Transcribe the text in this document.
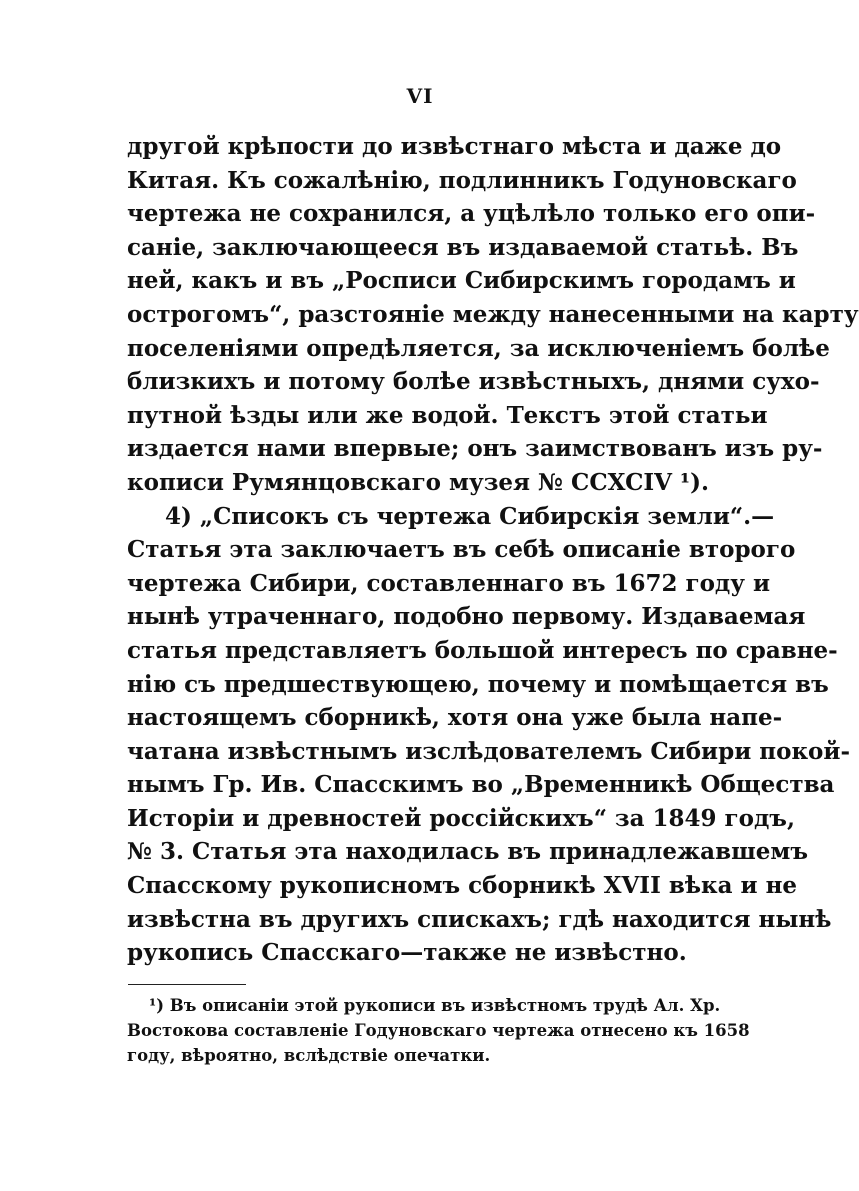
VI
другой крѣпости до извѣстнаго мѣста и даже до
Китая. Къ сожалѣнію, подлинникъ Годуновскаго
чертежа не сохранился, а уцѣлѣло только его опи-
саніе, заключающееся въ издаваемой статьѣ. Въ
ней, какъ и въ „Росписи Сибирскимъ городамъ и
острогомъ“, разстояніе между нанесенными на карту
поселеніями опредѣляется, за исключеніемъ болѣе
близкихъ и потому болѣе извѣстныхъ, днями сухо-
путной ѣзды или же водой. Текстъ этой статьи
издается нами впервые; онъ заимствованъ изъ ру-
кописи Румянцовскаго музея № CCXCIV ¹).
4) „Списокъ съ чертежа Сибирскія земли“.—
Статья эта заключаетъ въ себѣ описаніе второго
чертежа Сибири, составленнаго въ 1672 году и
нынѣ утраченнаго, подобно первому. Издаваемая
статья представляетъ большой интересъ по сравне-
нію съ предшествующею, почему и помѣщается въ
настоящемъ сборникѣ, хотя она уже была напе-
чатана извѣстнымъ изслѣдователемъ Сибири покой-
нымъ Гр. Ив. Спасскимъ во „Временникѣ Общества
Исторіи и древностей россійскихъ“ за 1849 годъ,
№ 3. Статья эта находилась въ принадлежавшемъ
Спасскому рукописномъ сборникѣ XVII вѣка и не
извѣстна въ другихъ спискахъ; гдѣ находится нынѣ
рукопись Спасскаго—также не извѣстно.
¹) Въ описаніи этой рукописи въ извѣстномъ трудѣ Ал. Хр.
Востокова составленіе Годуновскаго чертежа отнесено къ 1658
году, вѣроятно, вслѣдствіе опечатки.
